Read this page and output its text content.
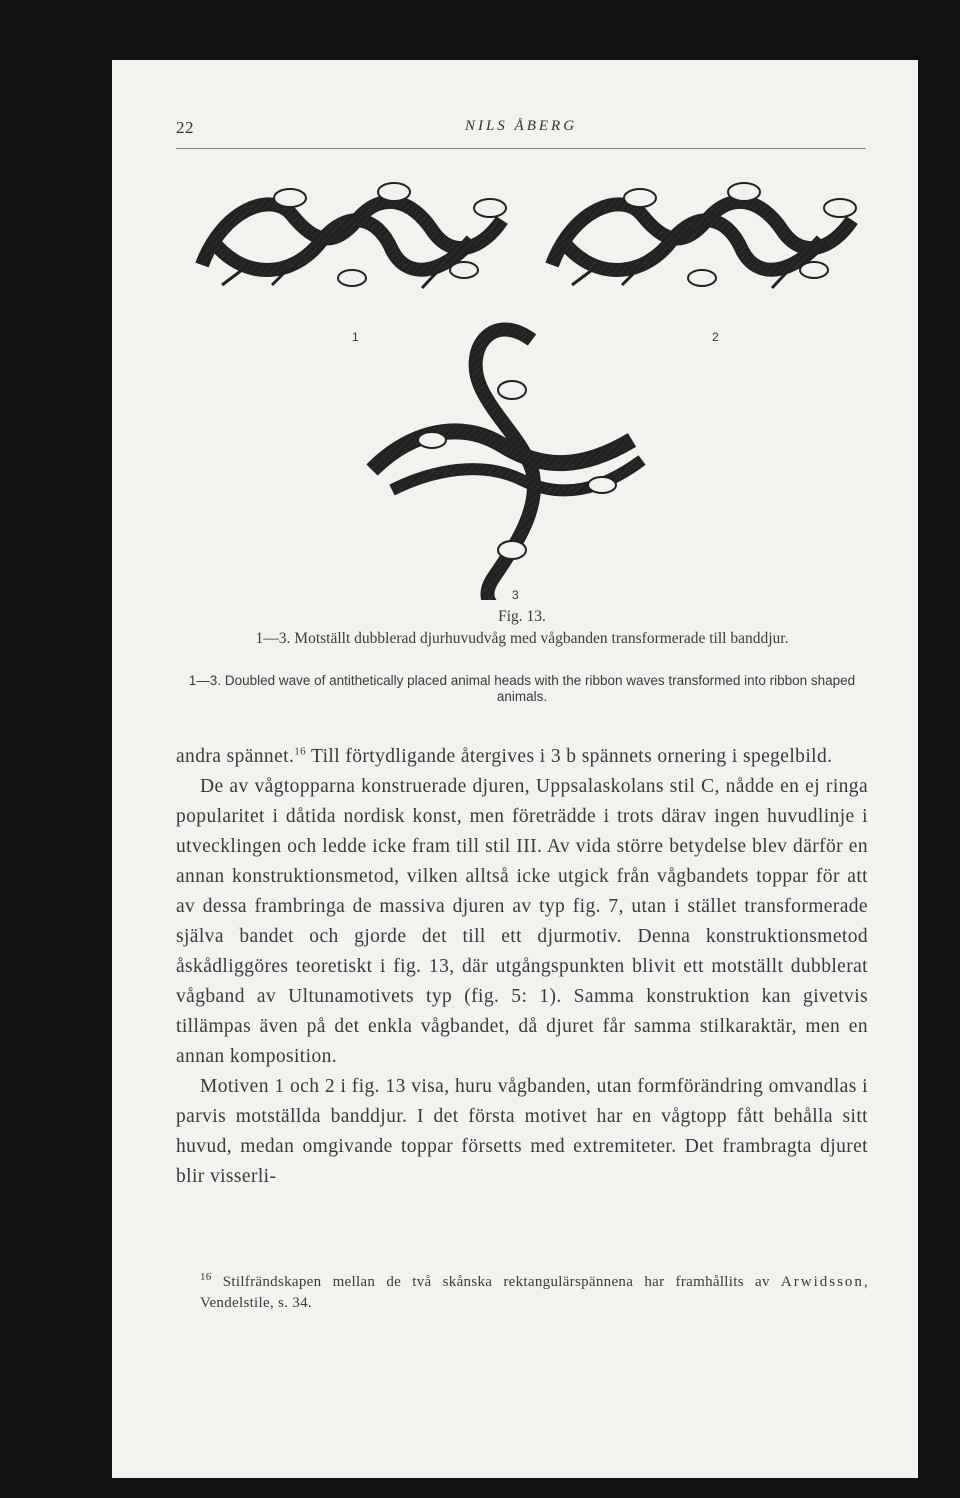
22	NILS ÅBERG
1	2
3
Fig. 13.
1—3. Motställt dubblerad djurhuvudvåg med vågbanden transformerade till banddjur.
1—3. Doubled wave of antithetically placed animal heads with the ribbon waves transformed into ribbon shaped animals.

andra spännet.$^{16}$ Till förtydligande återgives i 3 b spännets ornering i spegelbild.

De av vågtopparna konstruerade djuren, Uppsalaskolans stil C, nådde en ej ringa popularitet i dåtida nordisk konst, men företrädde i trots därav ingen huvudlinje i utvecklingen och ledde icke fram till stil III. Av vida större betydelse blev därför en annan konstruktionsmetod, vilken alltså icke utgick från vågbandets toppar för att av dessa frambringa de massiva djuren av typ fig. 7, utan i stället transformerade själva bandet och gjorde det till ett djurmotiv. Denna konstruktionsmetod åskådliggöres teoretiskt i fig. 13, där utgångspunkten blivit ett motställt dubblerat vågband av Ultunamotivets typ (fig. 5: 1). Samma konstruktion kan givetvis tillämpas även på det enkla vågbandet, då djuret får samma stilkaraktär, men en annan komposition.

Motiven 1 och 2 i fig. 13 visa, huru vågbanden, utan formförändring omvandlas i parvis motställda banddjur. I det första motivet har en vågtopp fått behålla sitt huvud, medan omgivande toppar försetts med extremiteter. Det frambragta djuret blir visserli-

$^{16}$ Stilfrändskapen mellan de två skånska rektangulärspännena har framhållits av Arwidsson, Vendelstile, s. 34.
